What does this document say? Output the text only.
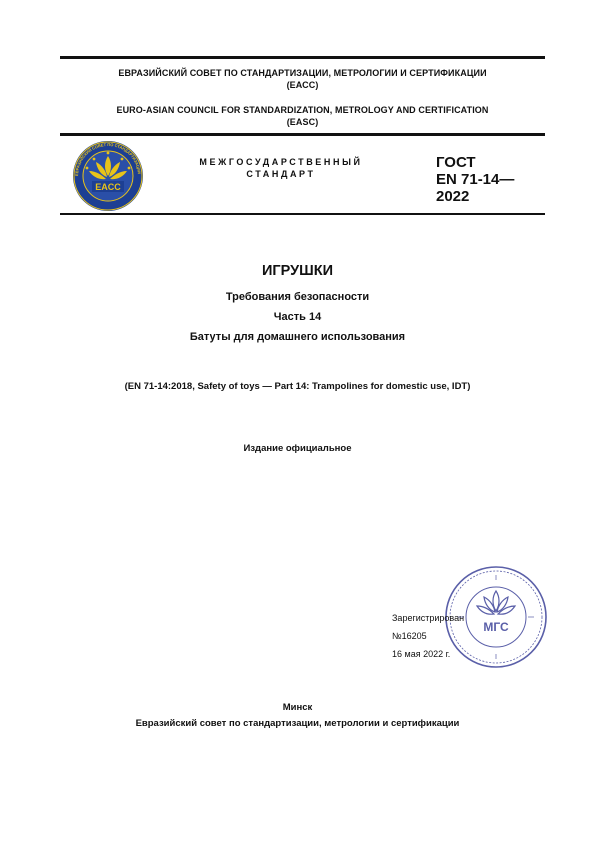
ЕВРАЗИЙСКИЙ СОВЕТ ПО СТАНДАРТИЗАЦИИ, МЕТРОЛОГИИ И СЕРТИФИКАЦИИ
(ЕАСС)
EURO-ASIAN COUNCIL FOR STANDARDIZATION, METROLOGY AND CERTIFICATION
(EASC)
ЕВРАЗИЙСКИЙ СОВЕТ ПО СТАНДАРТИЗАЦИИ
EACC
МЕЖГОСУДАРСТВЕННЫЙ
СТАНДАРТ
ГОСТ
EN 71-14—
2022
ИГРУШКИ
Требования безопасности
Часть 14
Батуты для домашнего использования
(EN 71-14:2018, Safety of toys — Part 14: Trampolines for domestic use, IDT)
Издание официальное
МГС
Зарегистрирован
№16205
16 мая 2022 г.
Минск
Евразийский совет по стандартизации, метрологии и сертификации
